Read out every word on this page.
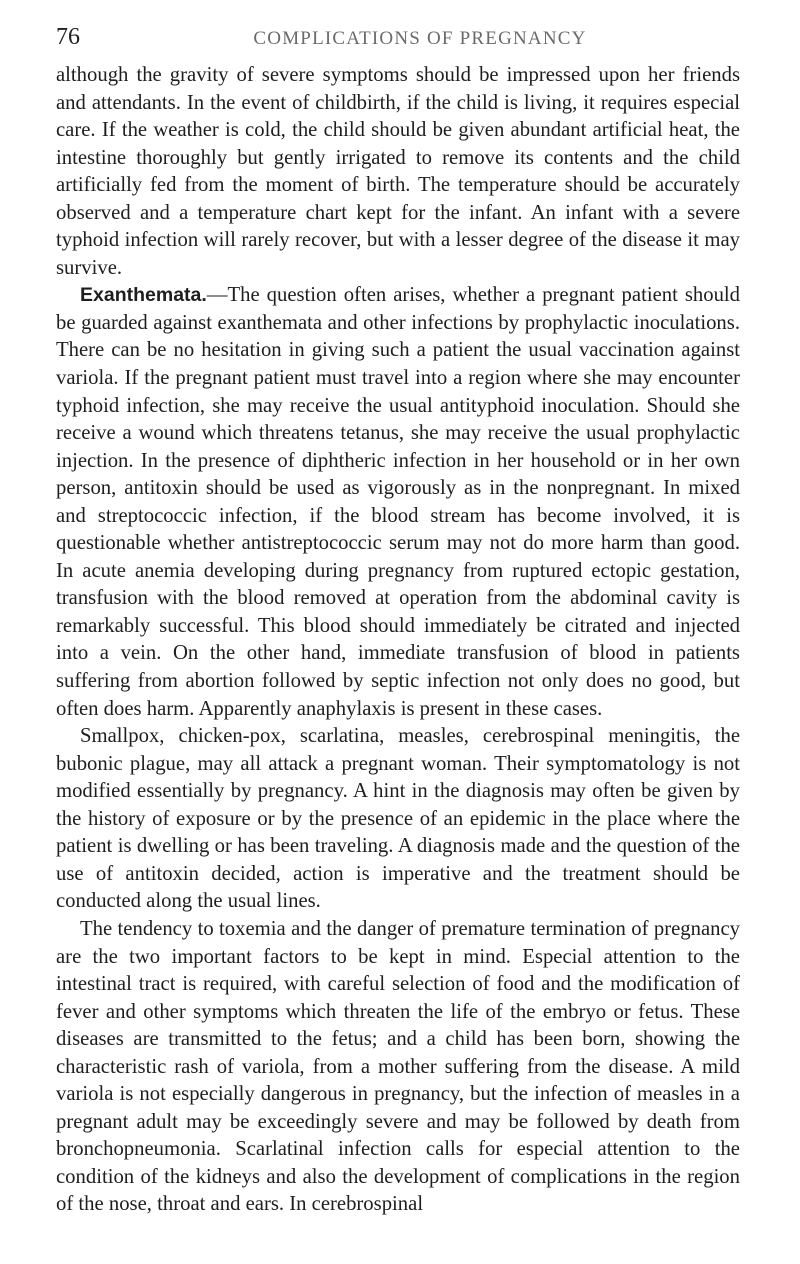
76	COMPLICATIONS OF PREGNANCY

although the gravity of severe symptoms should be impressed upon her friends and attendants. In the event of childbirth, if the child is living, it requires especial care. If the weather is cold, the child should be given abundant artificial heat, the intestine thoroughly but gently irrigated to remove its contents and the child artificially fed from the moment of birth. The temperature should be accurately observed and a temperature chart kept for the infant. An infant with a severe typhoid infection will rarely recover, but with a lesser degree of the disease it may survive.

Exanthemata.—The question often arises, whether a pregnant patient should be guarded against exanthemata and other infections by prophylactic inoculations. There can be no hesitation in giving such a patient the usual vaccination against variola. If the pregnant patient must travel into a region where she may encounter typhoid infection, she may receive the usual antityphoid inoculation. Should she receive a wound which threatens tetanus, she may receive the usual prophylactic injection. In the presence of diphtheric infection in her household or in her own person, antitoxin should be used as vigorously as in the nonpregnant. In mixed and streptococcic infection, if the blood stream has become involved, it is questionable whether antistreptococcic serum may not do more harm than good. In acute anemia developing during pregnancy from ruptured ectopic gestation, transfusion with the blood removed at operation from the abdominal cavity is remarkably successful. This blood should immediately be citrated and injected into a vein. On the other hand, immediate transfusion of blood in patients suffering from abortion followed by septic infection not only does no good, but often does harm. Apparently anaphylaxis is present in these cases.

Smallpox, chicken-pox, scarlatina, measles, cerebrospinal meningitis, the bubonic plague, may all attack a pregnant woman. Their symptomatology is not modified essentially by pregnancy. A hint in the diagnosis may often be given by the history of exposure or by the presence of an epidemic in the place where the patient is dwelling or has been traveling. A diagnosis made and the question of the use of antitoxin decided, action is imperative and the treatment should be conducted along the usual lines.

The tendency to toxemia and the danger of premature termination of pregnancy are the two important factors to be kept in mind. Especial attention to the intestinal tract is required, with careful selection of food and the modification of fever and other symptoms which threaten the life of the embryo or fetus. These diseases are transmitted to the fetus; and a child has been born, showing the characteristic rash of variola, from a mother suffering from the disease. A mild variola is not especially dangerous in pregnancy, but the infection of measles in a pregnant adult may be exceedingly severe and may be followed by death from bronchopneumonia. Scarlatinal infection calls for especial attention to the condition of the kidneys and also the development of complications in the region of the nose, throat and ears. In cerebrospinal
